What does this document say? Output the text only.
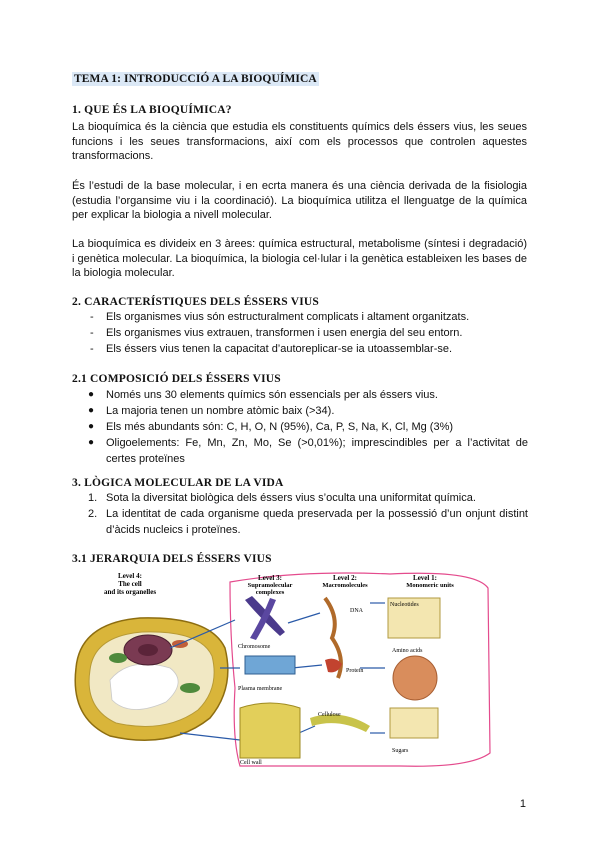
TEMA 1: INTRODUCCIÓ A LA BIOQUÍMICA
1. QUE ÉS LA BIOQUÍMICA?
La bioquímica és la ciència que estudia els constituents químics dels éssers vius, les seues funcions i les seues transformacions, així com els processos que controlen aquestes transformacions.
És l’estudi de la base molecular, i en ecrta manera és una ciència derivada de la fisiologia (estudia l’organsime viu i la coordinació). La bioquímica utilitza el llenguatge de la química per explicar la biologia a nivell molecular.
La bioquímica es divideix en 3 àrees: química estructural, metabolisme (síntesi i degradació) i genètica molecular. La bioquímica, la biologia cel·lular i la genètica estableixen les bases de la biologia molecular.
2. CARACTERÍSTIQUES DELS ÉSSERS VIUS
-	Els organismes vius són estructuralment complicats i altament organitzats.
-	Els organismes vius extrauen, transformen i usen energia del seu entorn.
-	Els éssers vius tenen la capacitat d’autoreplicar-se ia utoassemblar-se.
2.1 COMPOSICIÓ DELS ÉSSERS VIUS
●	Només uns 30 elements químics són essencials per als éssers vius.
●	La majoria tenen un nombre atòmic baix (>34).
●	Els més abundants són: C, H, O, N (95%), Ca, P, S, Na, K, Cl, Mg (3%)
●	Oligoelements: Fe, Mn, Zn, Mo, Se (>0,01%); imprescindibles per a l’activitat de certes proteïnes
3. LÒGICA MOLECULAR DE LA VIDA
1. Sota la diversitat biològica dels éssers vius s’oculta una uniformitat química.
2. La identitat de cada organisme queda preservada per la possessió d’un onjunt distint d’àcids nucleics i proteïnes.
3.1 JERARQUIA DELS ÉSSERS VIUS
Level 4:
The cell
and its organelles
Level 3:
Supramolecular
complexes
Level 2:
Macromolecules
Level 1:
Monomeric units
Chromosome
Plasma membrane
Cell wall
DNA
Protein
Cellulose
Nucleotides
Amino acids
Sugars
1
